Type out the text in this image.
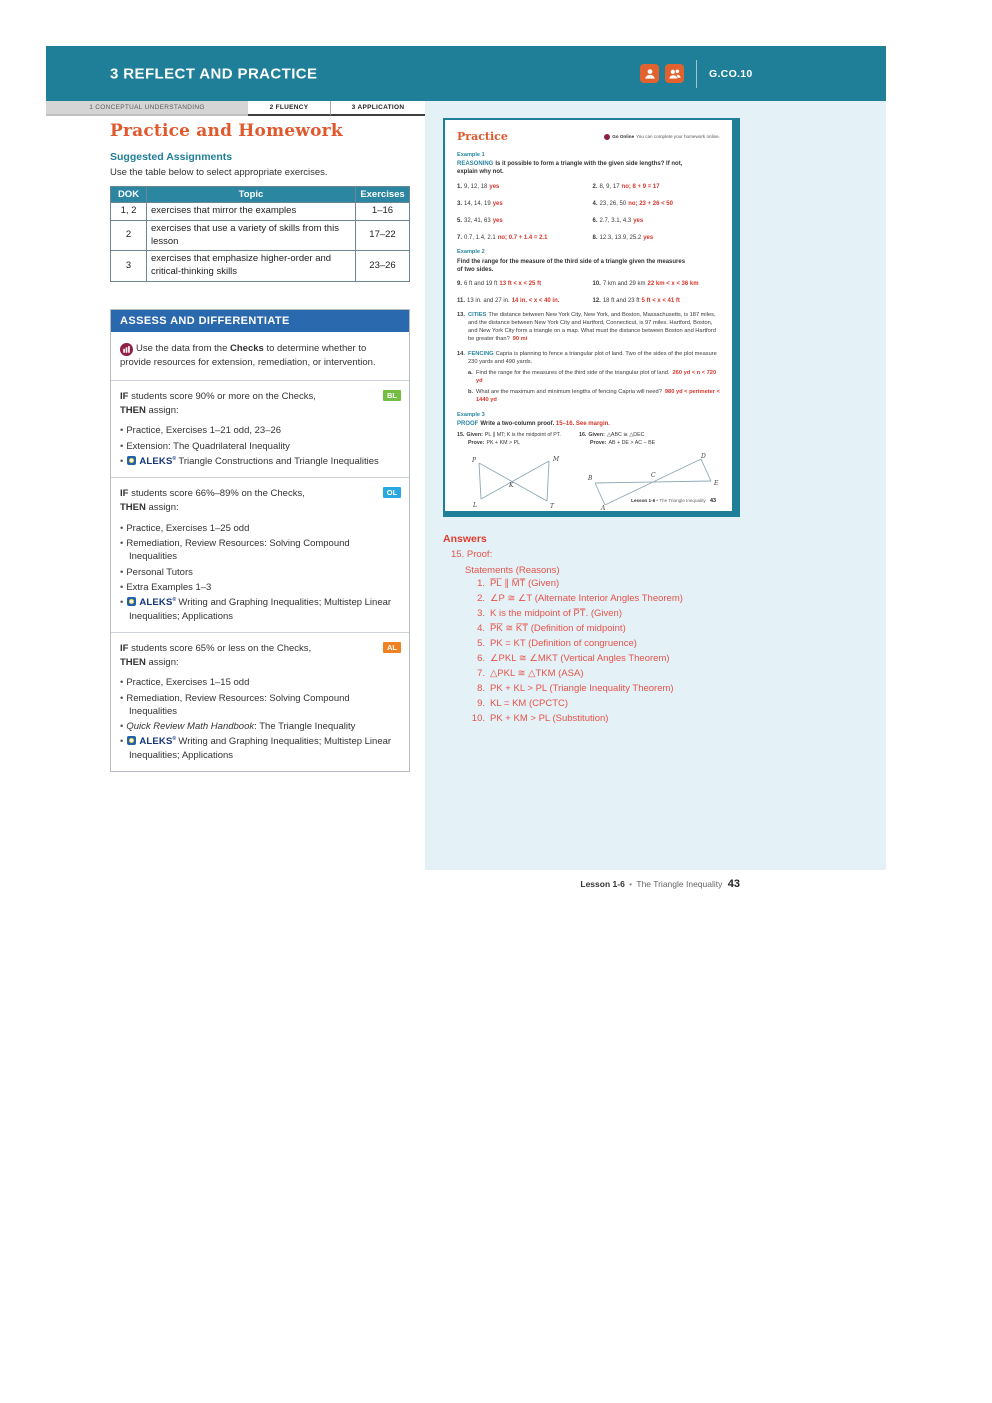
3 REFLECT AND PRACTICE	G.CO.10
1 CONCEPTUAL UNDERSTANDING	2 FLUENCY	3 APPLICATION
Practice and Homework
Suggested Assignments

Use the table below to select appropriate exercises.

DOK	Topic	Exercises
1, 2	exercises that mirror the examples	1–16
2	exercises that use a variety of skills from this lesson	17–22
3	exercises that emphasize higher-order and critical-thinking skills	23–26
ASSESS AND DIFFERENTIATE
Use the data from the Checks to determine whether to provide resources for extension, remediation, or intervention.
BL

IF students score 90% or more on the Checks,
THEN assign:

• Practice, Exercises 1–21 odd, 23–26
• Extension: The Quadrilateral Inequality
• ALEKS ® Triangle Constructions and Triangle Inequalities
OL

IF students score 66%–89% on the Checks,
THEN assign:

• Practice, Exercises 1–25 odd
• Remediation, Review Resources: Solving Compound Inequalities
• Personal Tutors
• Extra Examples 1–3
• ALEKS ® Writing and Graphing Inequalities; Multistep Linear Inequalities; Applications
AL

IF students score 65% or less on the Checks,
THEN assign:

• Practice, Exercises 1–15 odd
• Remediation, Review Resources: Solving Compound Inequalities
• Quick Review Math Handbook: The Triangle Inequality
• ALEKS ® Writing and Graphing Inequalities; Multistep Linear Inequalities; Applications
Practice	Go Online You can complete your homework online.
Example 1
REASONING Is it possible to form a triangle with the given side lengths? If not, explain why not.
1. 9, 12, 18 yes	2. 8, 9, 17 no; 8 + 9 = 17
3. 14, 14, 19 yes	4. 23, 26, 50 no; 23 + 26 < 50
5. 32, 41, 63 yes	6. 2.7, 3.1, 4.3 yes
7. 0.7, 1.4, 2.1 no; 0.7 + 1.4 = 2.1	8. 12.3, 13.9, 25.2 yes
Example 2
Find the range for the measure of the third side of a triangle given the measures of two sides.
9. 6 ft and 19 ft 13 ft < x < 25 ft	10. 7 km and 29 km 22 km < x < 36 km
11. 13 in. and 27 in. 14 in. < x < 40 in.	12. 18 ft and 23 ft 5 ft < x < 41 ft
13. CITIES The distance between New York City, New York, and Boston, Massachusetts, is 187 miles, and the distance between New York City and Hartford, Connecticut, is 97 miles. Hartford, Boston, and New York City form a triangle on a map. What must the distance between Boston and Hartford be greater than? 90 mi
14. FENCING Capria is planning to fence a triangular plot of land. Two of the sides of the plot measure 230 yards and 490 yards.
a. Find the range for the measures of the third side of the triangular plot of land. 260 yd < n < 720 yd
b. What are the maximum and minimum lengths of fencing Capria will need? 980 yd < perimeter < 1440 yd
Example 3
PROOF Write a two-column proof. 15–16. See margin.
15. Given: PL ∥ MT; K is the midpoint of PT.
Prove: PK + KM > PL
P	M
K
L	T
16. Given: △ABC ≅ △DEC
Prove: AB + DE > AC − BE
A
B	C
D
E
Lesson 1-6 • The Triangle Inequality 43
Answers
15. Proof:
Statements (Reasons)
1. P̅L̅ ∥ M̅T̅ (Given)
2. ∠P ≅ ∠T (Alternate Interior Angles Theorem)
3. K is the midpoint of P̅T̅. (Given)
4. P̅K̅ ≅ K̅T̅ (Definition of midpoint)
5. PK = KT (Definition of congruence)
6. ∠PKL ≅ ∠MKT (Vertical Angles Theorem)
7. △PKL ≅ △TKM (ASA)
8. PK + KL > PL (Triangle Inequality Theorem)
9. KL = KM (CPCTC)
10. PK + KM > PL (Substitution)
Lesson 1-6 • The Triangle Inequality 43
